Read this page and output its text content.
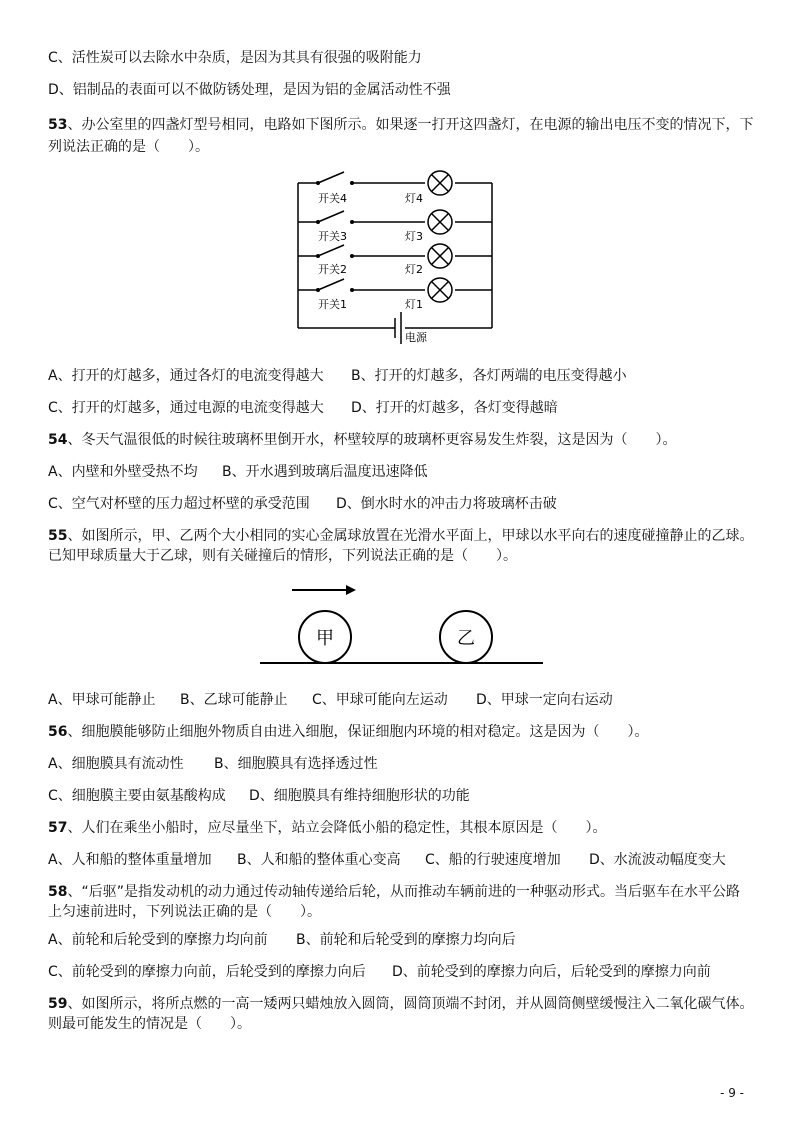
C、活性炭可以去除水中杂质，是因为其具有很强的吸附能力
D、铝制品的表面可以不做防锈处理，是因为铝的金属活动性不强
53、办公室里的四盏灯型号相同，电路如下图所示。如果逐一打开这四盏灯，在电源的输出电压不变的情况下，下
列说法正确的是（　　）。
开关4
开关3
开关2
开关1
灯4
灯3
灯2
灯1
电源
A、打开的灯越多，通过各灯的电流变得越大 B、打开的灯越多，各灯两端的电压变得越小
C、打开的灯越多，通过电源的电流变得越大 D、打开的灯越多，各灯变得越暗
54、冬天气温很低的时候往玻璃杯里倒开水，杯壁较厚的玻璃杯更容易发生炸裂，这是因为（　　）。
A、内壁和外壁受热不均 B、开水遇到玻璃后温度迅速降低
C、空气对杯壁的压力超过杯壁的承受范围 D、倒水时水的冲击力将玻璃杯击破
55、如图所示，甲、乙两个大小相同的实心金属球放置在光滑水平面上，甲球以水平向右的速度碰撞静止的乙球。
已知甲球质量大于乙球，则有关碰撞后的情形，下列说法正确的是（　　）。
甲	乙
A、甲球可能静止 B、乙球可能静止 C、甲球可能向左运动 D、甲球一定向右运动
56、细胞膜能够防止细胞外物质自由进入细胞，保证细胞内环境的相对稳定。这是因为（　　）。
A、细胞膜具有流动性 B、细胞膜具有选择透过性
C、细胞膜主要由氨基酸构成 D、细胞膜具有维持细胞形状的功能
57、人们在乘坐小船时，应尽量坐下，站立会降低小船的稳定性，其根本原因是（　　）。
A、人和船的整体重量增加 B、人和船的整体重心变高 C、船的行驶速度增加 D、水流波动幅度变大
58、“后驱”是指发动机的动力通过传动轴传递给后轮，从而推动车辆前进的一种驱动形式。当后驱车在水平公路
上匀速前进时，下列说法正确的是（　　）。
A、前轮和后轮受到的摩擦力均向前 B、前轮和后轮受到的摩擦力均向后
C、前轮受到的摩擦力向前，后轮受到的摩擦力向后 D、前轮受到的摩擦力向后，后轮受到的摩擦力向前
59、如图所示，将所点燃的一高一矮两只蜡烛放入圆筒，圆筒顶端不封闭，并从圆筒侧壁缓慢注入二氧化碳气体。
则最可能发生的情况是（　　）。
- 9 -
